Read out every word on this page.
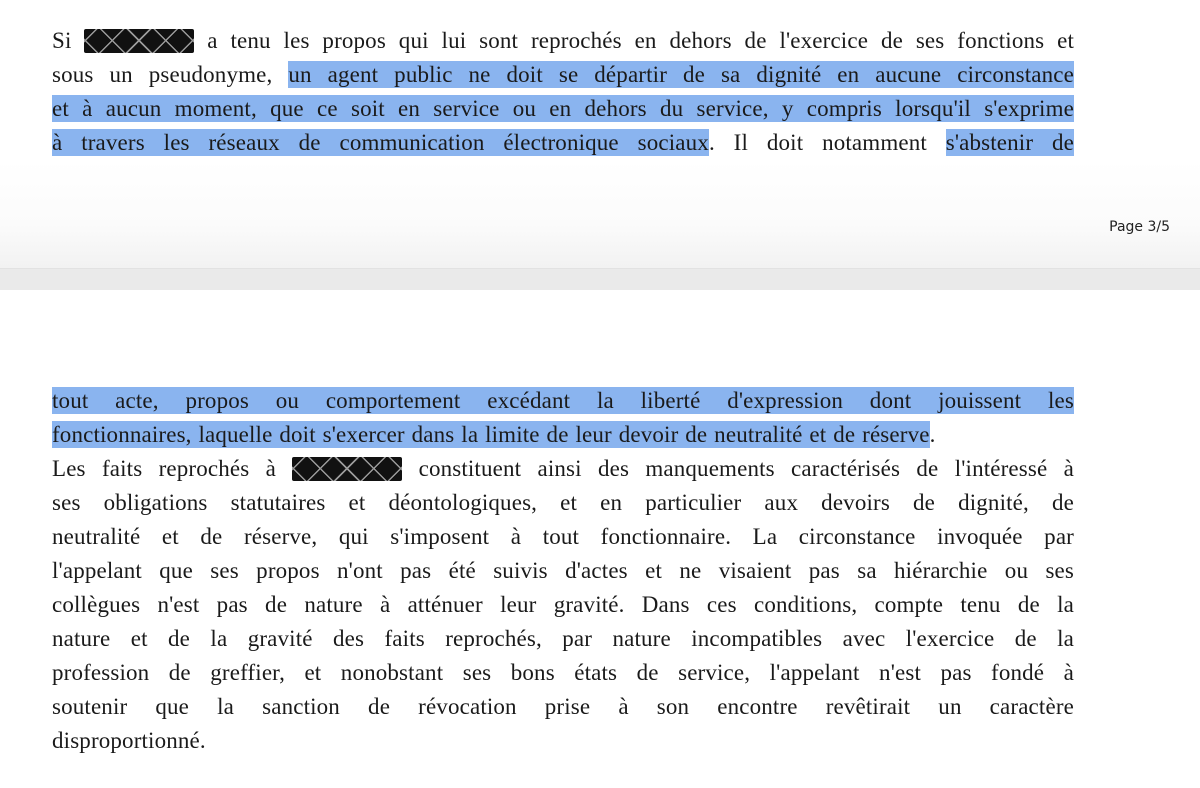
Si	a tenu les propos qui lui sont reprochés en dehors de l'exercice de ses fonctions et
sous un pseudonyme, un agent public ne doit se départir de sa dignité en aucune circonstance
et à aucun moment, que ce soit en service ou en dehors du service, y compris lorsqu'il s'exprime
à travers les réseaux de communication électronique sociaux. Il doit notamment s'abstenir de
Page 3/5
tout acte, propos ou comportement excédant la liberté d'expression dont jouissent les
fonctionnaires, laquelle doit s'exercer dans la limite de leur devoir de neutralité et de réserve.
Les faits reprochés à	constituent ainsi des manquements caractérisés de l'intéressé à
ses obligations statutaires et déontologiques, et en particulier aux devoirs de dignité, de
neutralité et de réserve, qui s'imposent à tout fonctionnaire. La circonstance invoquée par
l'appelant que ses propos n'ont pas été suivis d'actes et ne visaient pas sa hiérarchie ou ses
collègues n'est pas de nature à atténuer leur gravité. Dans ces conditions, compte tenu de la
nature et de la gravité des faits reprochés, par nature incompatibles avec l'exercice de la
profession de greffier, et nonobstant ses bons états de service, l'appelant n'est pas fondé à
soutenir que la sanction de révocation prise à son encontre revêtirait un caractère
disproportionné.
